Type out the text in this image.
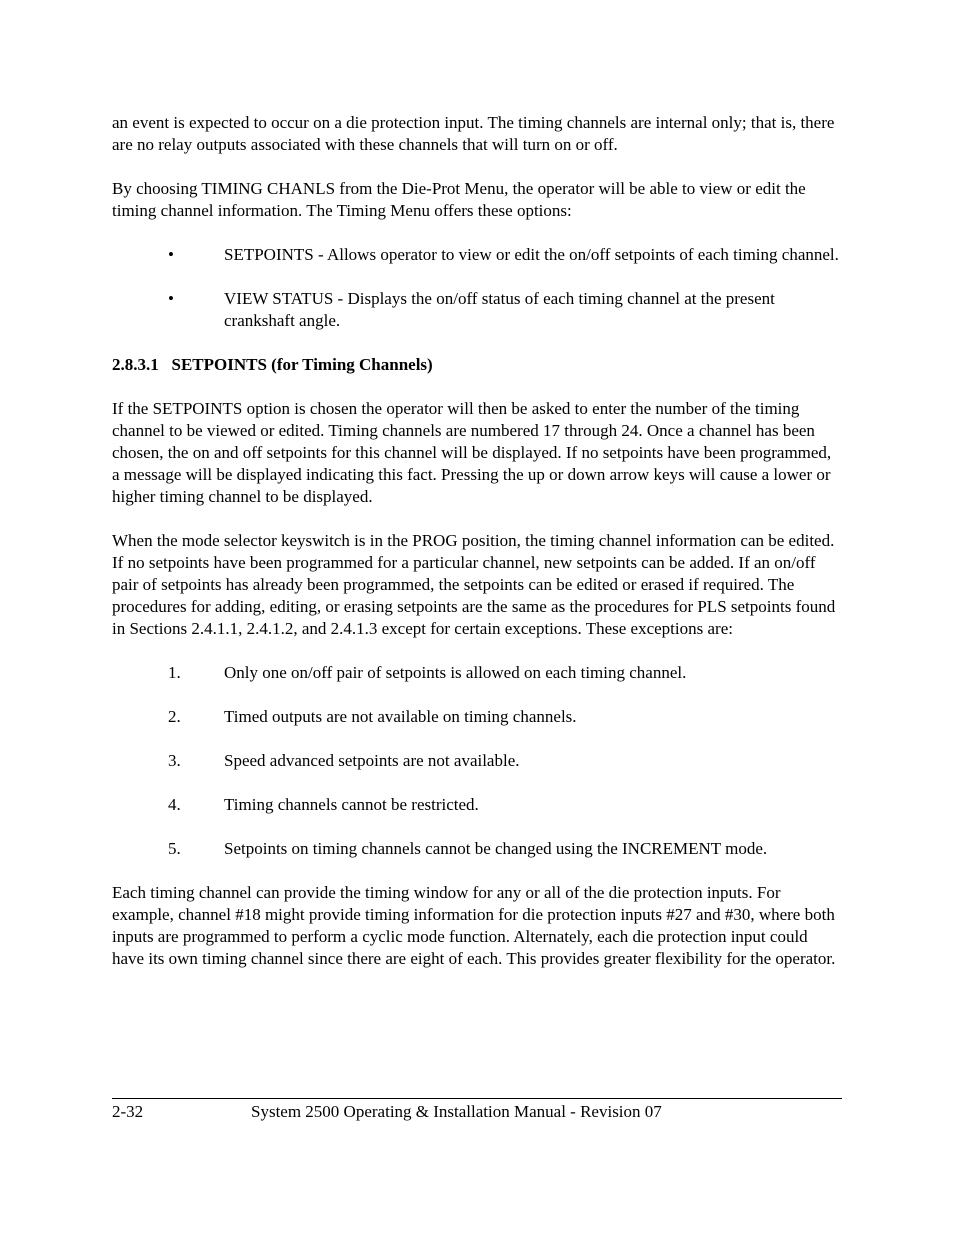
an event is expected to occur on a die protection input. The timing channels are internal only; that is, there are no relay outputs associated with these channels that will turn on or off.

By choosing TIMING CHANLS from the Die-Prot Menu, the operator will be able to view or edit the timing channel information. The Timing Menu offers these options:

•	SETPOINTS - Allows operator to view or edit the on/off setpoints of each timing channel.
•	VIEW STATUS - Displays the on/off status of each timing channel at the present crankshaft angle.

2.8.3.1   SETPOINTS (for Timing Channels)

If the SETPOINTS option is chosen the operator will then be asked to enter the number of the timing channel to be viewed or edited. Timing channels are numbered 17 through 24. Once a channel has been chosen, the on and off setpoints for this channel will be displayed. If no setpoints have been programmed, a message will be displayed indicating this fact. Pressing the up or down arrow keys will cause a lower or higher timing channel to be displayed.

When the mode selector keyswitch is in the PROG position, the timing channel information can be edited. If no setpoints have been programmed for a particular channel, new setpoints can be added. If an on/off pair of setpoints has already been programmed, the setpoints can be edited or erased if required. The procedures for adding, editing, or erasing setpoints are the same as the procedures for PLS setpoints found in Sections 2.4.1.1, 2.4.1.2, and 2.4.1.3 except for certain exceptions. These exceptions are:

1.	Only one on/off pair of setpoints is allowed on each timing channel.
2.	Timed outputs are not available on timing channels.
3.	Speed advanced setpoints are not available.
4.	Timing channels cannot be restricted.
5.	Setpoints on timing channels cannot be changed using the INCREMENT mode.

Each timing channel can provide the timing window for any or all of the die protection inputs. For example, channel #18 might provide timing information for die protection inputs #27 and #30, where both inputs are programmed to perform a cyclic mode function. Alternately, each die protection input could have its own timing channel since there are eight of each. This provides greater flexibility for the operator.

2-32	System 2500 Operating & Installation Manual - Revision 07
